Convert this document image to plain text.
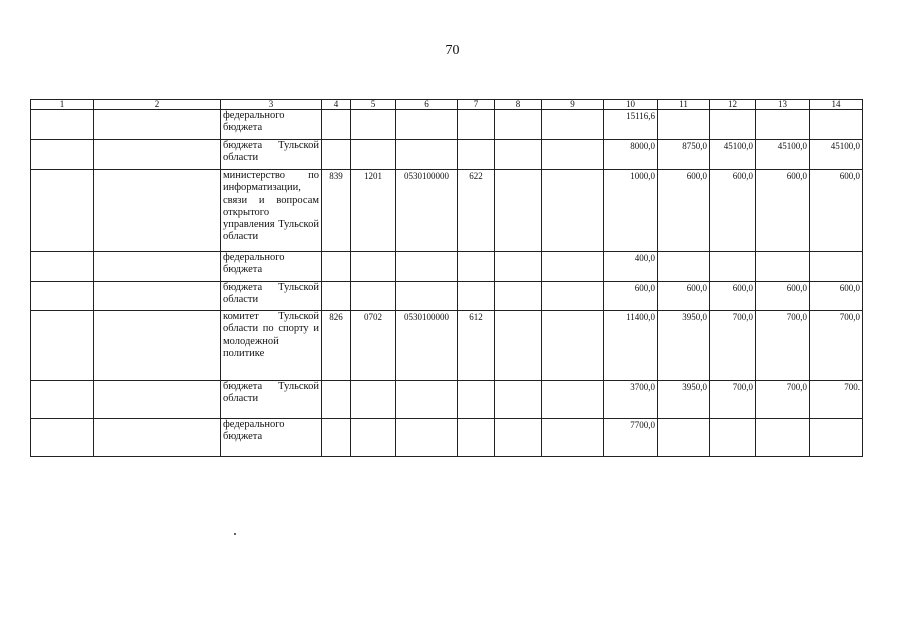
70
1	2	3	4	5	6	7	8	9	10	11	12	13	14
		федерального бюджета							15116,6				
		бюджета Тульской области							8000,0	8750,0	45100,0	45100,0	45100,0
		министерство по информатизации, связи и вопросам открытого управления Тульской области	839	1201	0530100000	622			1000,0	600,0	600,0	600,0	600,0
		федерального бюджета							400,0				
		бюджета Тульской области							600,0	600,0	600,0	600,0	600,0
		комитет Тульской области по спорту и молодежной политике	826	0702	0530100000	612			11400,0	3950,0	700,0	700,0	700,0
		бюджета Тульской области							3700,0	3950,0	700,0	700,0	700.
		федерального бюджета							7700,0				
